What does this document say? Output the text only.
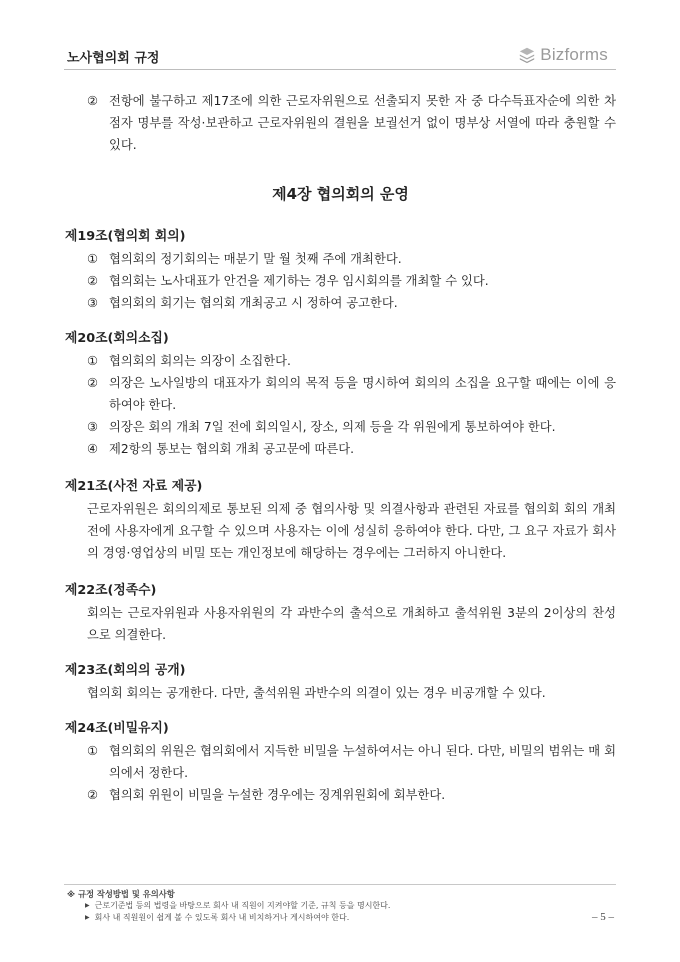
노사협의회 규정	Bizforms
② 전항에 불구하고 제17조에 의한 근로자위원으로 선출되지 못한 자 중 다수득표자순에 의한 차점자 명부를 작성·보관하고 근로자위원의 결원을 보궐선거 없이 명부상 서열에 따라 충원할 수 있다.
제4장 협의회의 운영
제19조(협의회 회의)
① 협의회의 정기회의는 매분기 말 월 첫째 주에 개최한다.
② 협의회는 노사대표가 안건을 제기하는 경우 임시회의를 개최할 수 있다.
③ 협의회의 회기는 협의회 개최공고 시 정하여 공고한다.
제20조(회의소집)
① 협의회의 회의는 의장이 소집한다.
② 의장은 노사일방의 대표자가 회의의 목적 등을 명시하여 회의의 소집을 요구할 때에는 이에 응하여야 한다.
③ 의장은 회의 개최 7일 전에 회의일시, 장소, 의제 등을 각 위원에게 통보하여야 한다.
④ 제2항의 통보는 협의회 개최 공고문에 따른다.
제21조(사전 자료 제공)
근로자위원은 회의의제로 통보된 의제 중 협의사항 및 의결사항과 관련된 자료를 협의회 회의 개최 전에 사용자에게 요구할 수 있으며 사용자는 이에 성실히 응하여야 한다. 다만, 그 요구 자료가 회사의 경영·영업상의 비밀 또는 개인정보에 해당하는 경우에는 그러하지 아니한다.
제22조(정족수)
회의는 근로자위원과 사용자위원의 각 과반수의 출석으로 개최하고 출석위원 3분의 2이상의 찬성으로 의결한다.
제23조(회의의 공개)
협의회 회의는 공개한다. 다만, 출석위원 과반수의 의결이 있는 경우 비공개할 수 있다.
제24조(비밀유지)
① 협의회의 위원은 협의회에서 지득한 비밀을 누설하여서는 아니 된다. 다만, 비밀의 범위는 매 회의에서 정한다.
② 협의회 위원이 비밀을 누설한 경우에는 징계위원회에 회부한다.
※ 규정 작성방법 및 유의사항
▶ 근로기준법 등의 법령을 바탕으로 회사 내 직원이 지켜야할 기준, 규칙 등을 명시한다.
▶ 회사 내 직원원이 쉽게 볼 수 있도록 회사 내 비치하거나 게시하여야 한다.	– 5 –
